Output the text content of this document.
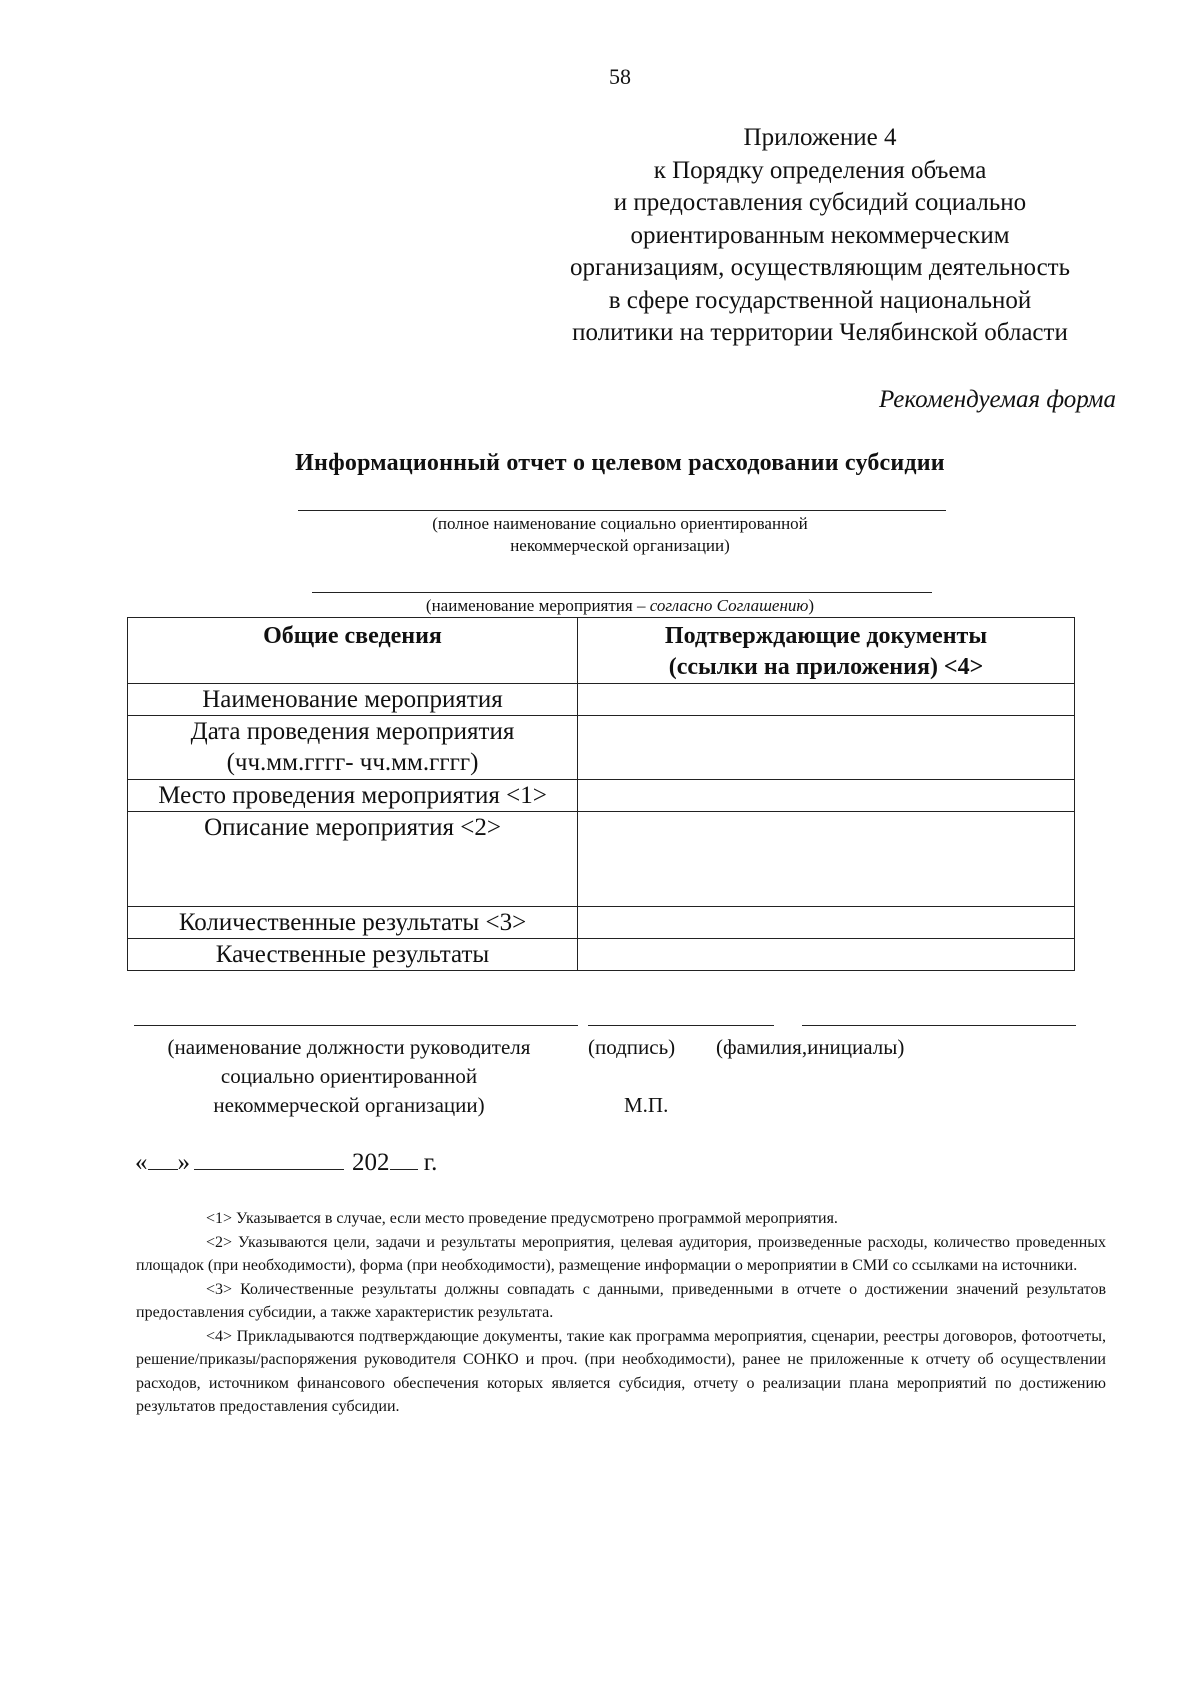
58
Приложение 4
к Порядку определения объема
и предоставления субсидий социально
ориентированным некоммерческим
организациям, осуществляющим деятельность
в сфере государственной национальной
политики на территории Челябинской области
Рекомендуемая форма
Информационный отчет о целевом расходовании субсидии
(полное наименование социально ориентированной
некоммерческой организации)
(наименование мероприятия – согласно Соглашению)
Общие сведения	Подтверждающие документы
(ссылки на приложения) <4>

Наименование мероприятия	

Дата проведения мероприятия
(чч.мм.гггг- чч.мм.гггг)	

Место проведения мероприятия <1>	
Описание мероприятия <2>	
Количественные результаты <3>	
Качественные результаты	
(наименование должности руководителя
социально ориентированной
некоммерческой организации)
(подпись) (фамилия,инициалы)
М.П.
« »	202 г.

<1> Указывается в случае, если место проведение предусмотрено программой мероприятия.

<2> Указываются цели, задачи и результаты мероприятия, целевая аудитория, произведенные расходы, количество проведенных площадок (при необходимости), форма (при необходимости), размещение информации о мероприятии в СМИ со ссылками на источники.

<3> Количественные результаты должны совпадать с данными, приведенными в отчете о достижении значений результатов предоставления субсидии, а также характеристик результата.

<4> Прикладываются подтверждающие документы, такие как программа мероприятия, сценарии, реестры договоров, фотоотчеты, решение/приказы/распоряжения руководителя СОНКО и проч. (при необходимости), ранее не приложенные к отчету об осуществлении расходов, источником финансового обеспечения которых является субсидия, отчету о реализации плана мероприятий по достижению результатов предоставления субсидии.
